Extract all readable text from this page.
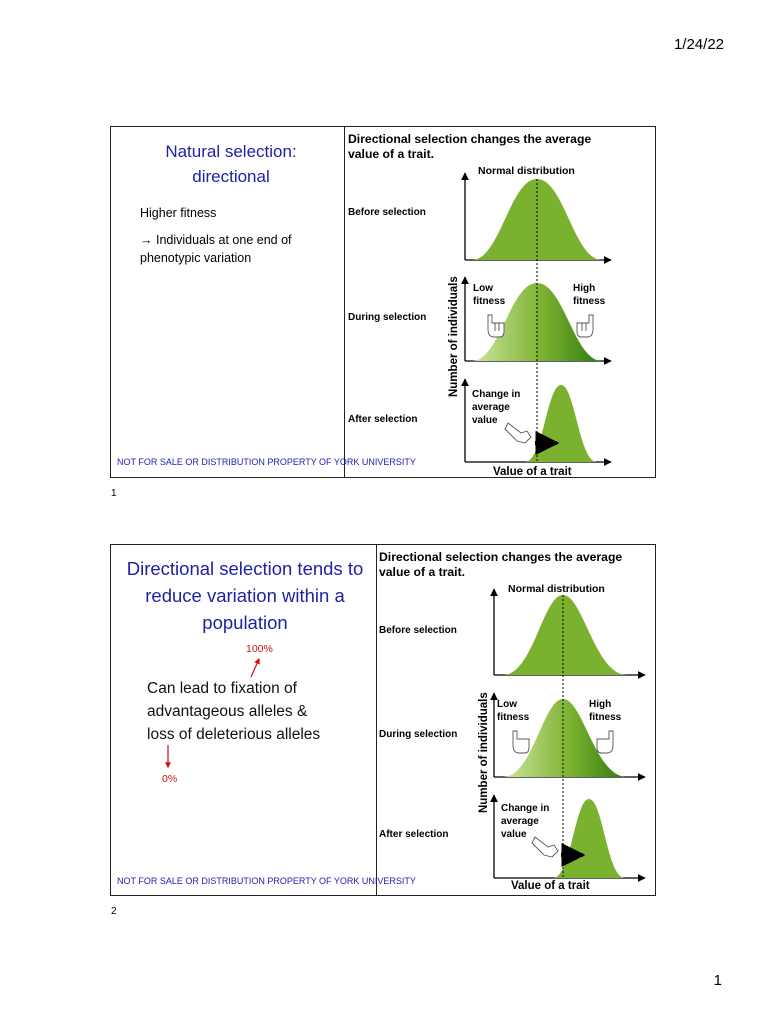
1/24/22
Natural selection:
directional
Higher fitness
→ Individuals at one end of phenotypic variation
Directional selection changes the average
value of a trait.
Normal distribution
Before selection
During selection
After selection
Low
fitness
High
fitness
Change in
average
value
Number of individuals
Value of a trait
NOT FOR SALE OR DISTRIBUTION PROPERTY OF YORK UNIVERSITY
1
Directional selection tends to
reduce variation within a
population
100%
Can lead to fixation of
advantageous alleles &
loss of deleterious alleles
0%
Directional selection changes the average
value of a trait.
Normal distribution
Before selection
During selection
After selection
Low
fitness
High
fitness
Change in
average
value
Number of individuals
Value of a trait
NOT FOR SALE OR DISTRIBUTION PROPERTY OF YORK UNIVERSITY
2
1
